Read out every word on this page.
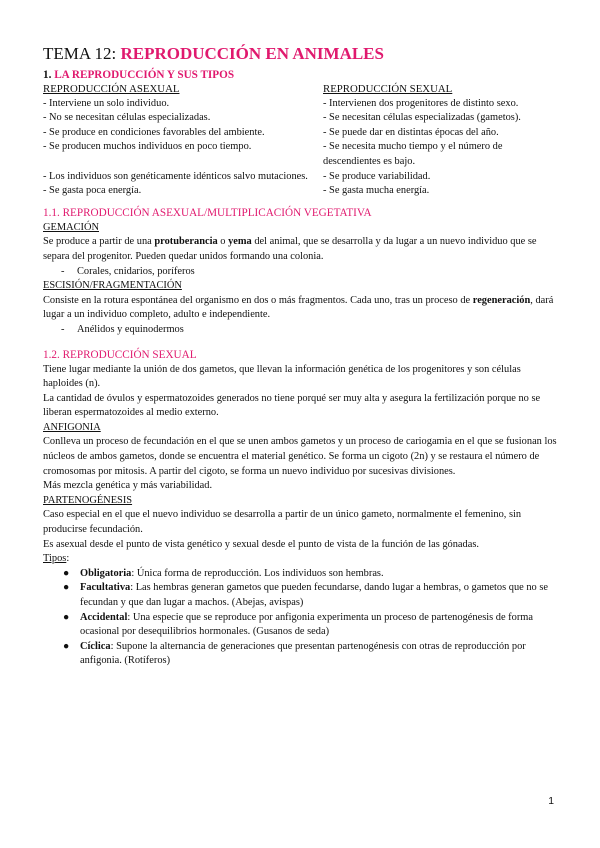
TEMA 12: REPRODUCCIÓN EN ANIMALES
1. LA REPRODUCCIÓN Y SUS TIPOS
REPRODUCCIÓN ASEXUAL	REPRODUCCIÓN SEXUAL
- Interviene un solo individuo.	- Intervienen dos progenitores de distinto sexo.
- No se necesitan células especializadas.	- Se necesitan células especializadas (gametos).
- Se produce en condiciones favorables del ambiente.	- Se puede dar en distintas épocas del año.
- Se producen muchos individuos en poco tiempo.	- Se necesita mucho tiempo y el número de descendientes es bajo.
- Los individuos son genéticamente idénticos salvo mutaciones.	- Se produce variabilidad.
- Se gasta poca energía.	- Se gasta mucha energía.
1.1. REPRODUCCIÓN ASEXUAL/MULTIPLICACIÓN VEGETATIVA
GEMACIÓN

Se produce a partir de una protuberancia o yema del animal, que se desarrolla y da lugar a un nuevo individuo que se separa del progenitor. Pueden quedar unidos formando una colonia.

- Corales, cnidarios, poríferos
ESCISIÓN/FRAGMENTACIÓN

Consiste en la rotura espontánea del organismo en dos o más fragmentos. Cada uno, tras un proceso de regeneración, dará lugar a un individuo completo, adulto e independiente.

- Anélidos y equinodermos
1.2. REPRODUCCIÓN SEXUAL

Tiene lugar mediante la unión de dos gametos, que llevan la información genética de los progenitores y son células haploides (n).

La cantidad de óvulos y espermatozoides generados no tiene porqué ser muy alta y asegura la fertilización porque no se liberan espermatozoides al medio externo.

ANFIGONIA

Conlleva un proceso de fecundación en el que se unen ambos gametos y un proceso de cariogamia en el que se fusionan los núcleos de ambos gametos, donde se encuentra el material genético. Se forma un cigoto (2n) y se restaura el número de cromosomas por mitosis. A partir del cigoto, se forma un nuevo individuo por sucesivas divisiones.

Más mezcla genética y más variabilidad.

PARTENOGÉNESIS

Caso especial en el que el nuevo individuo se desarrolla a partir de un único gameto, normalmente el femenino, sin producirse fecundación.

Es asexual desde el punto de vista genético y sexual desde el punto de vista de la función de las gónadas.

Tipos:
● Obligatoria: Única forma de reproducción. Los individuos son hembras.
● Facultativa: Las hembras generan gametos que pueden fecundarse, dando lugar a hembras, o gametos que no se fecundan y que dan lugar a machos. (Abejas, avispas)
● Accidental: Una especie que se reproduce por anfigonia experimenta un proceso de partenogénesis de forma ocasional por desequilibrios hormonales. (Gusanos de seda)
● Cíclica: Supone la alternancia de generaciones que presentan partenogénesis con otras de reproducción por anfigonia. (Rotíferos)
1
